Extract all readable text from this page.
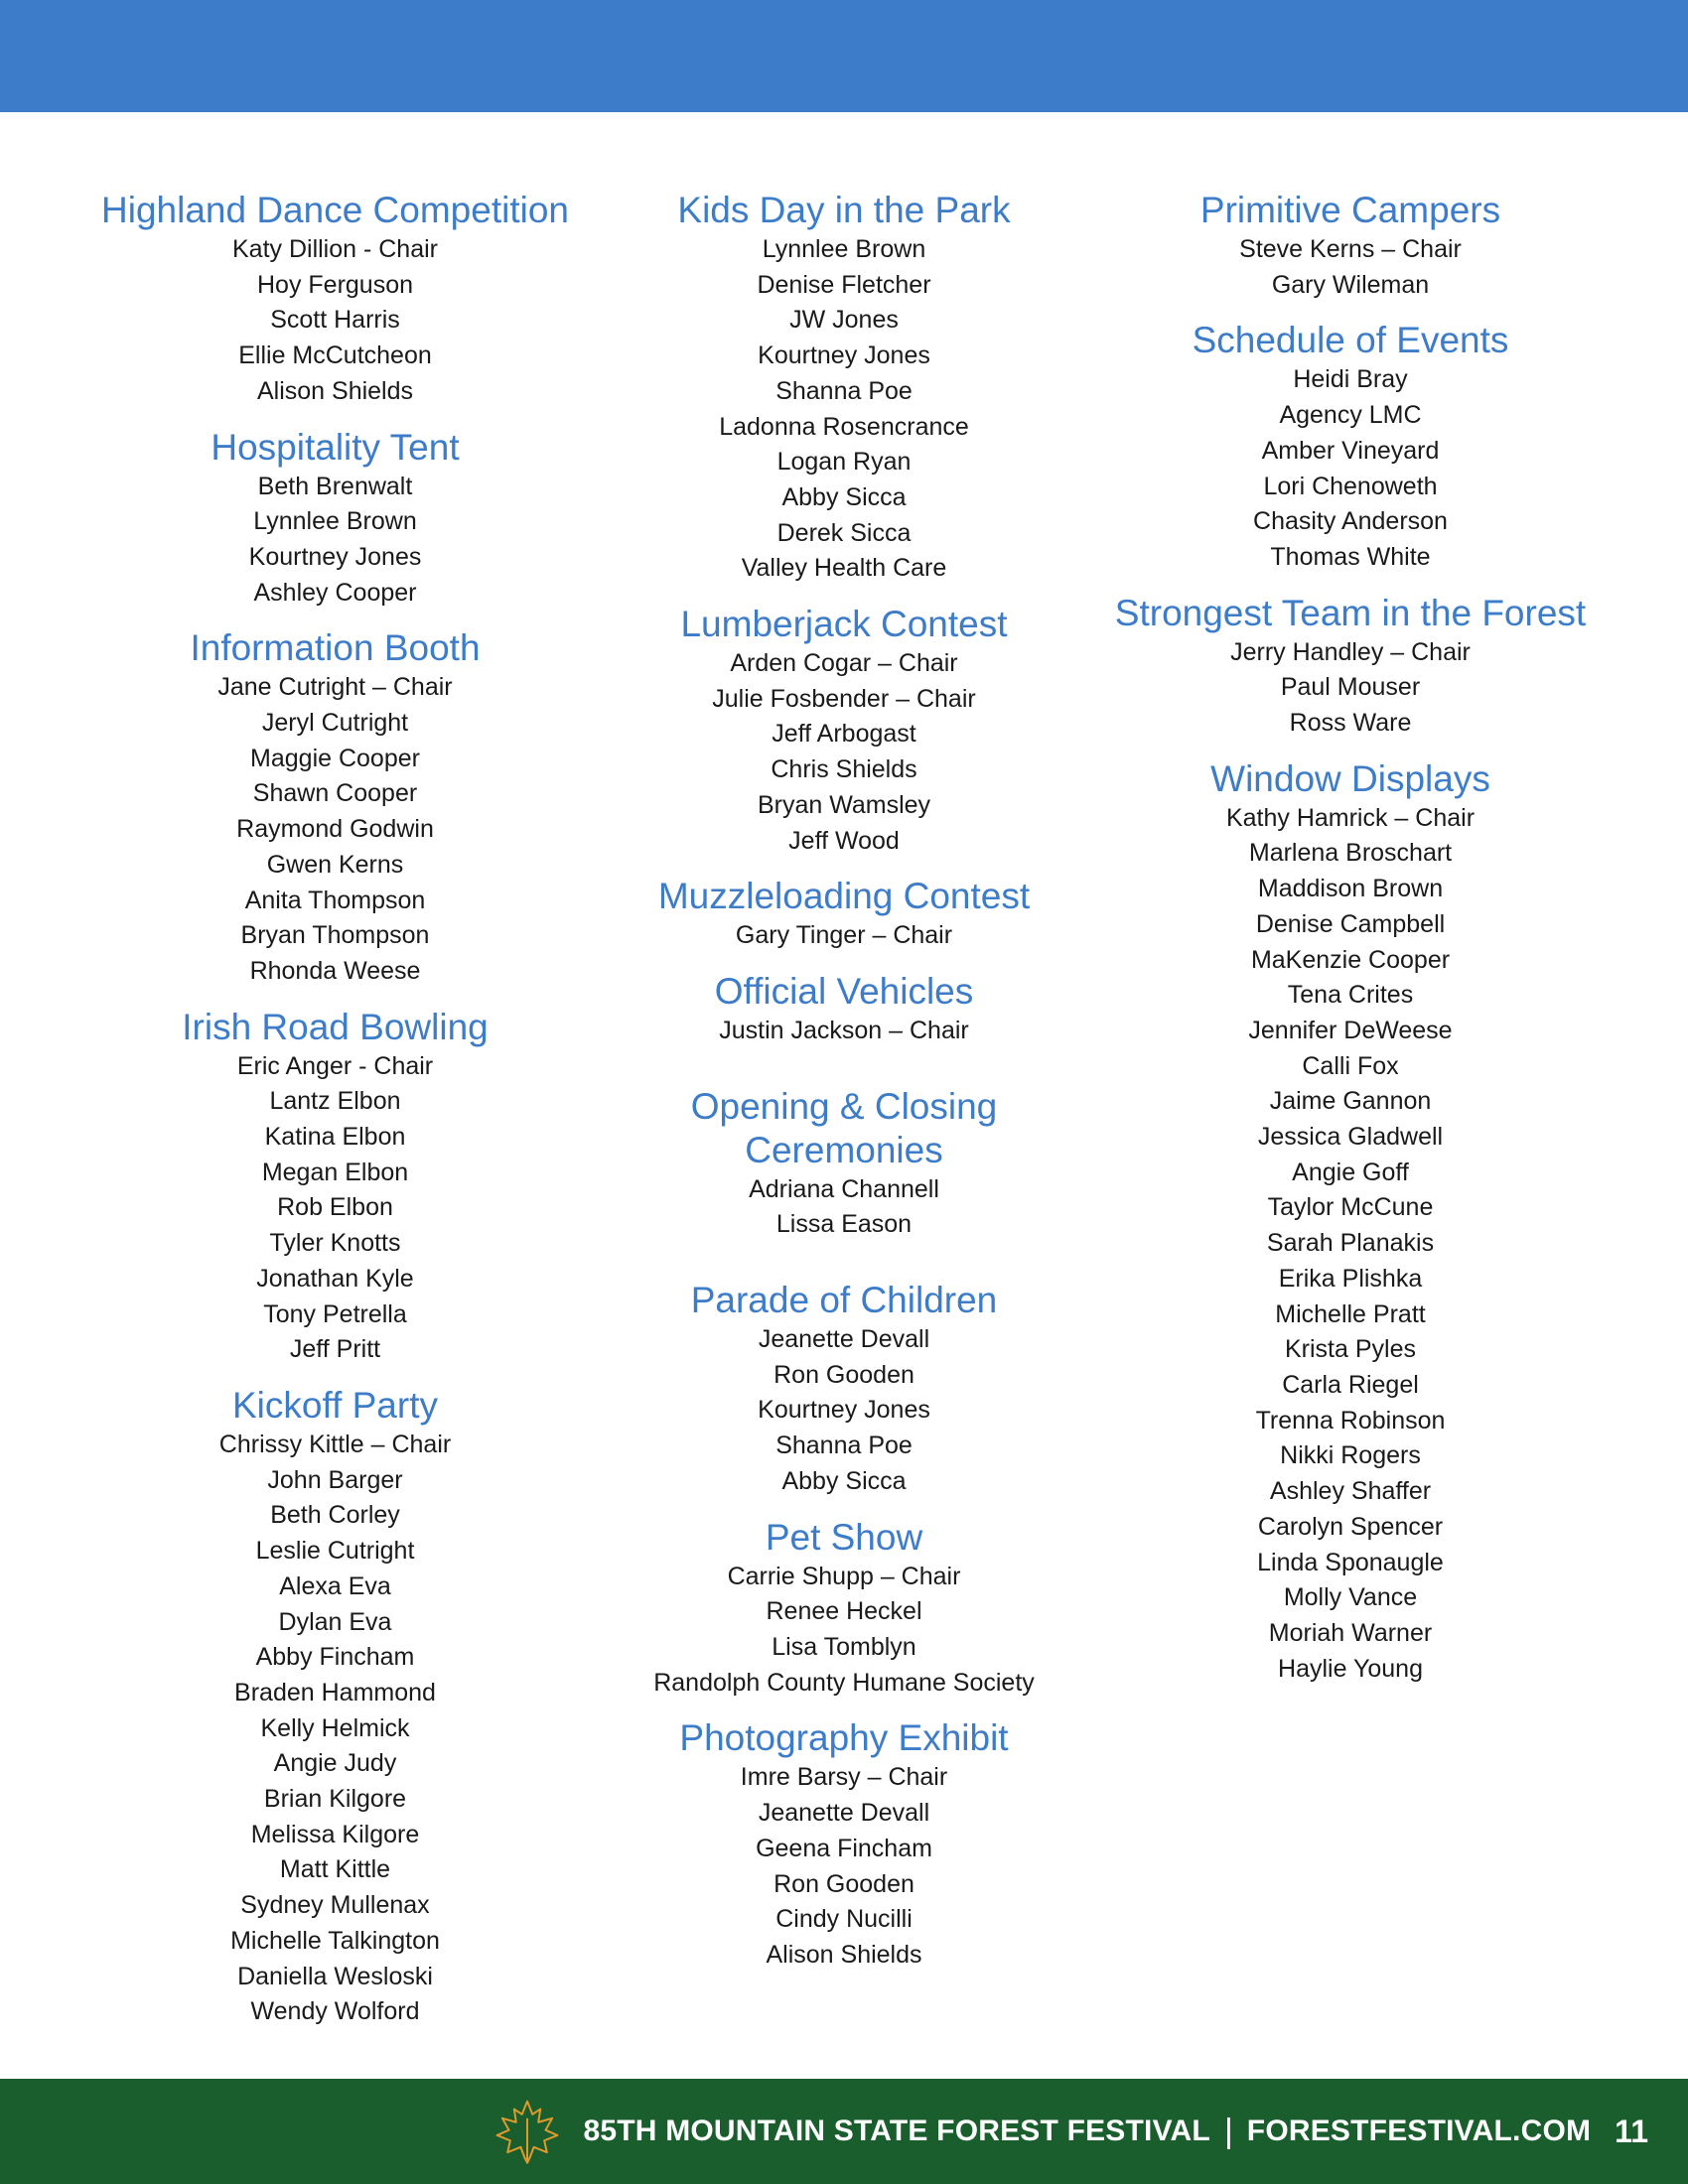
Highland Dance Competition
Katy Dillion - Chair
Hoy Ferguson
Scott Harris
Ellie McCutcheon
Alison Shields
Hospitality Tent
Beth Brenwalt
Lynnlee Brown
Kourtney Jones
Ashley Cooper
Information Booth
Jane Cutright – Chair
Jeryl Cutright
Maggie Cooper
Shawn Cooper
Raymond Godwin
Gwen Kerns
Anita Thompson
Bryan Thompson
Rhonda Weese
Irish Road Bowling
Eric Anger - Chair
Lantz Elbon
Katina Elbon
Megan Elbon
Rob Elbon
Tyler Knotts
Jonathan Kyle
Tony Petrella
Jeff Pritt
Kickoff Party
Chrissy Kittle – Chair
John Barger
Beth Corley
Leslie Cutright
Alexa Eva
Dylan Eva
Abby Fincham
Braden Hammond
Kelly Helmick
Angie Judy
Brian Kilgore
Melissa Kilgore
Matt Kittle
Sydney Mullenax
Michelle Talkington
Daniella Wesloski
Wendy Wolford
Kids Day in the Park
Lynnlee Brown
Denise Fletcher
JW Jones
Kourtney Jones
Shanna Poe
Ladonna Rosencrance
Logan Ryan
Abby Sicca
Derek Sicca
Valley Health Care
Lumberjack Contest
Arden Cogar – Chair
Julie Fosbender – Chair
Jeff Arbogast
Chris Shields
Bryan Wamsley
Jeff Wood
Muzzleloading Contest
Gary Tinger – Chair
Official Vehicles
Justin Jackson – Chair
Opening & Closing Ceremonies
Adriana Channell
Lissa Eason
Parade of Children
Jeanette Devall
Ron Gooden
Kourtney Jones
Shanna Poe
Abby Sicca
Pet Show
Carrie Shupp – Chair
Renee Heckel
Lisa Tomblyn
Randolph County Humane Society
Photography Exhibit
Imre Barsy – Chair
Jeanette Devall
Geena Fincham
Ron Gooden
Cindy Nucilli
Alison Shields
Primitive Campers
Steve Kerns – Chair
Gary Wileman
Schedule of Events
Heidi Bray
Agency LMC
Amber Vineyard
Lori Chenoweth
Chasity Anderson
Thomas White
Strongest Team in the Forest
Jerry Handley – Chair
Paul Mouser
Ross Ware
Window Displays
Kathy Hamrick – Chair
Marlena Broschart
Maddison Brown
Denise Campbell
MaKenzie Cooper
Tena Crites
Jennifer DeWeese
Calli Fox
Jaime Gannon
Jessica Gladwell
Angie Goff
Taylor McCune
Sarah Planakis
Erika Plishka
Michelle Pratt
Krista Pyles
Carla Riegel
Trenna Robinson
Nikki Rogers
Ashley Shaffer
Carolyn Spencer
Linda Sponaugle
Molly Vance
Moriah Warner
Haylie Young
85TH MOUNTAIN STATE FOREST FESTIVAL | FORESTFESTIVAL.COM 11
